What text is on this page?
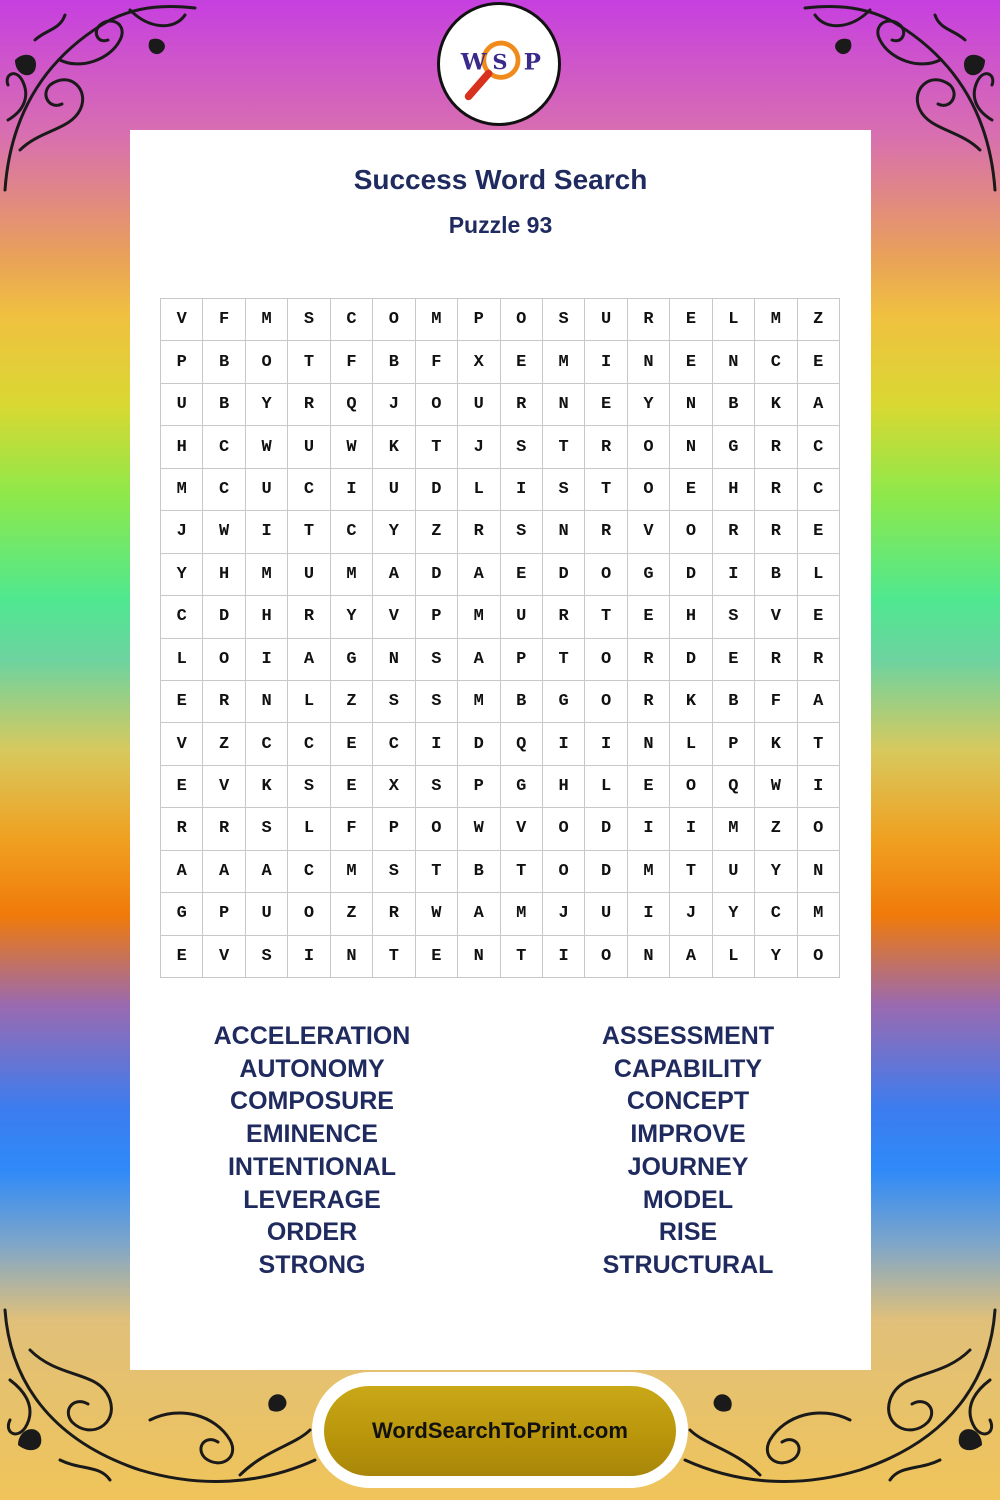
W S P
Success Word Search
Puzzle 93
V	F	M	S	C	O	M	P	O	S	U	R	E	L	M	Z
P	B	O	T	F	B	F	X	E	M	I	N	E	N	C	E
U	B	Y	R	Q	J	O	U	R	N	E	Y	N	B	K	A
H	C	W	U	W	K	T	J	S	T	R	O	N	G	R	C
M	C	U	C	I	U	D	L	I	S	T	O	E	H	R	C
J	W	I	T	C	Y	Z	R	S	N	R	V	O	R	R	E
Y	H	M	U	M	A	D	A	E	D	O	G	D	I	B	L
C	D	H	R	Y	V	P	M	U	R	T	E	H	S	V	E
L	O	I	A	G	N	S	A	P	T	O	R	D	E	R	R
E	R	N	L	Z	S	S	M	B	G	O	R	K	B	F	A
V	Z	C	C	E	C	I	D	Q	I	I	N	L	P	K	T
E	V	K	S	E	X	S	P	G	H	L	E	O	Q	W	I
R	R	S	L	F	P	O	W	V	O	D	I	I	M	Z	O
A	A	A	C	M	S	T	B	T	O	D	M	T	U	Y	N
G	P	U	O	Z	R	W	A	M	J	U	I	J	Y	C	M
E	V	S	I	N	T	E	N	T	I	O	N	A	L	Y	O
ACCELERATION
AUTONOMY
COMPOSURE
EMINENCE
INTENTIONAL
LEVERAGE
ORDER
STRONG
ASSESSMENT
CAPABILITY
CONCEPT
IMPROVE
JOURNEY
MODEL
RISE
STRUCTURAL
WordSearchToPrint.com
